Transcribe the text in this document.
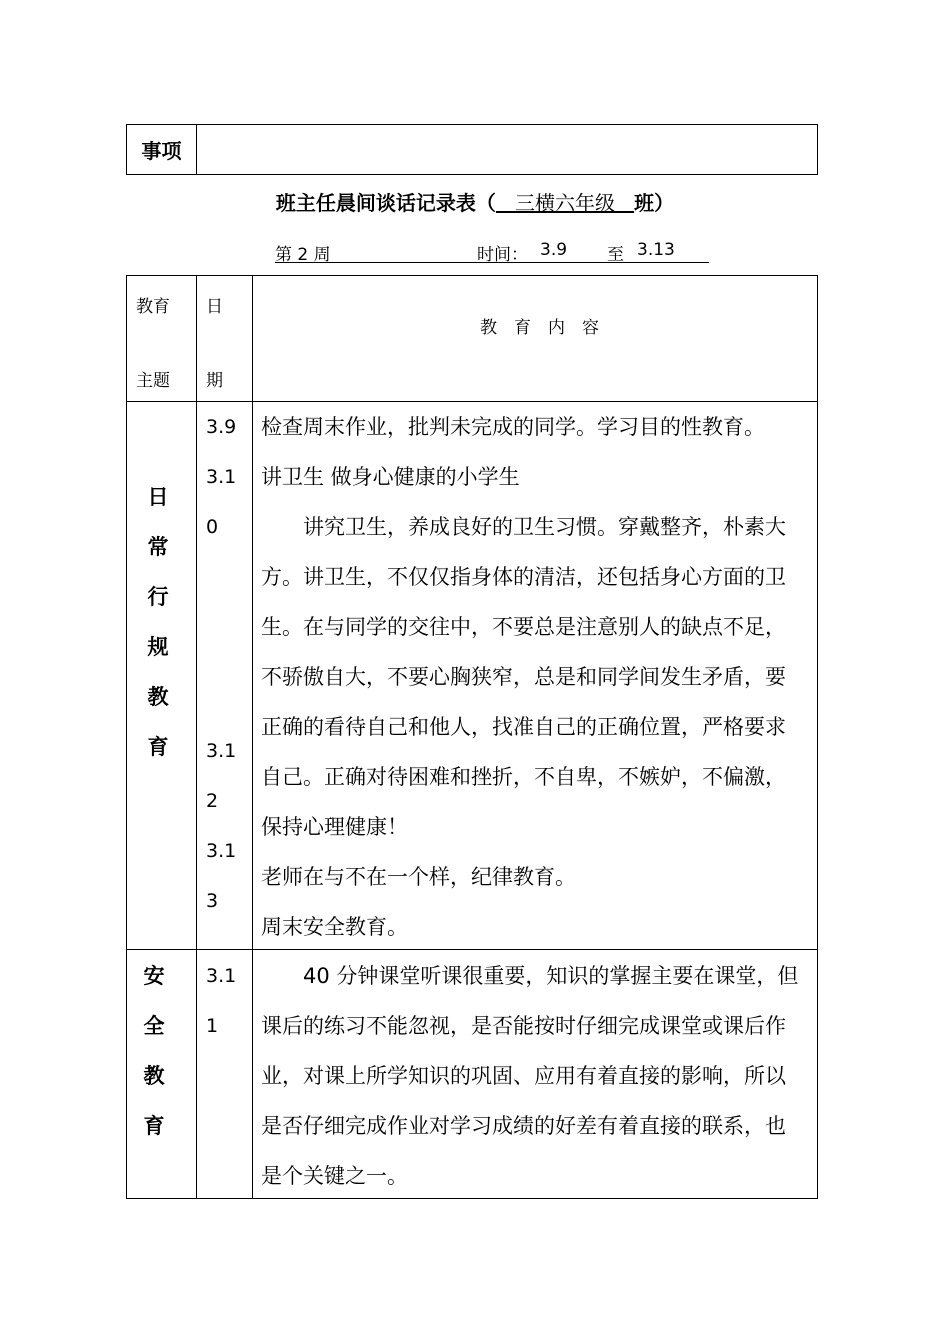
事项
班主任晨间谈话记录表（   三横六年级   班）
第 2 周	时间： 3.9 至 3.13
教育
主题
日
期
教　育　内　容
日
常
行
规
教
育
3.9
3.1
0
3.1
2
3.1
3

检查周末作业，批判未完成的同学。学习目的性教育。

讲卫生 做身心健康的小学生

讲究卫生，养成良好的卫生习惯。穿戴整齐，朴素大方。讲卫生，不仅仅指身体的清洁，还包括身心方面的卫生。在与同学的交往中，不要总是注意别人的缺点不足，不骄傲自大，不要心胸狭窄，总是和同学间发生矛盾，要正确的看待自己和他人，找准自己的正确位置，严格要求自己。正确对待困难和挫折，不自卑，不嫉妒，不偏激，保持心理健康！

老师在与不在一个样，纪律教育。

周末安全教育。

安
全
教
育
3.1
1

40 分钟课堂听课很重要，知识的掌握主要在课堂，但课后的练习不能忽视，是否能按时仔细完成课堂或课后作业，对课上所学知识的巩固、应用有着直接的影响，所以是否仔细完成作业对学习成绩的好差有着直接的联系，也是个关键之一。
